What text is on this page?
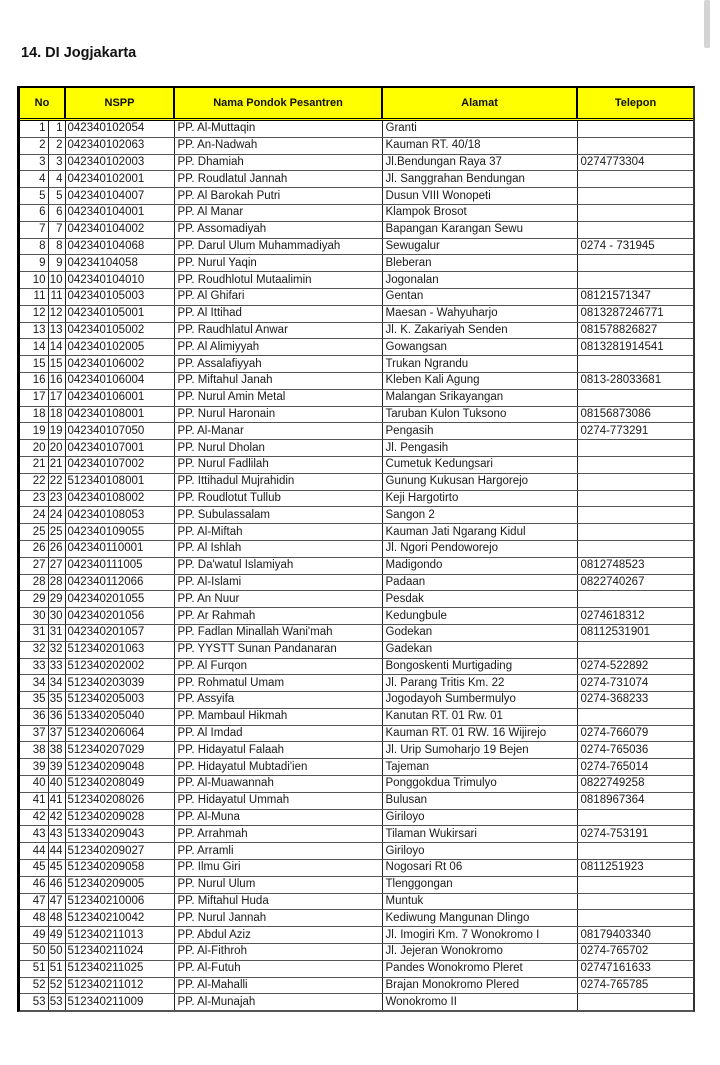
14. DI Jogjakarta
No		NSPP	Nama Pondok Pesantren	Alamat	Telepon
1	1	042340102054	PP. Al-Muttaqin	Granti	
2	2	042340102063	PP. An-Nadwah	Kauman RT. 40/18	
3	3	042340102003	PP. Dhamiah	Jl.Bendungan Raya 37	0274773304
4	4	042340102001	PP. Roudlatul Jannah	Jl. Sanggrahan Bendungan	
5	5	042340104007	PP. Al Barokah Putri	Dusun VIII Wonopeti	
6	6	042340104001	PP. Al Manar	Klampok Brosot	
7	7	042340104002	PP. Assomadiyah	Bapangan Karangan Sewu	
8	8	042340104068	PP. Darul Ulum Muhammadiyah	Sewugalur	0274 - 731945
9	9	04234104058	PP. Nurul Yaqin	Bleberan	
10	10	042340104010	PP. Roudhlotul Mutaalimin	Jogonalan	
11	11	042340105003	PP. Al Ghifari	Gentan	08121571347
12	12	042340105001	PP. Al Ittihad	Maesan - Wahyuharjo	0813287246771
13	13	042340105002	PP. Raudhlatul Anwar	Jl. K. Zakariyah Senden	081578826827
14	14	042340102005	PP. Al Alimiyyah	Gowangsan	0813281914541
15	15	042340106002	PP. Assalafiyyah	Trukan Ngrandu	
16	16	042340106004	PP. Miftahul Janah	Kleben Kali Agung	0813-28033681
17	17	042340106001	PP. Nurul Amin Metal	Malangan Srikayangan	
18	18	042340108001	PP. Nurul Haronain	Taruban Kulon Tuksono	08156873086
19	19	042340107050	PP. Al-Manar	Pengasih	0274-773291
20	20	042340107001	PP. Nurul Dholan	Jl. Pengasih	
21	21	042340107002	PP. Nurul Fadlilah	Cumetuk Kedungsari	
22	22	512340108001	PP. Ittihadul Mujrahidin	Gunung Kukusan Hargorejo	
23	23	042340108002	PP. Roudlotut Tullub	Keji Hargotirto	
24	24	042340108053	PP. Subulassalam	Sangon 2	
25	25	042340109055	PP. Al-Miftah	Kauman Jati Ngarang Kidul	
26	26	042340110001	PP. Al Ishlah	Jl. Ngori Pendoworejo	
27	27	042340111005	PP. Da'watul Islamiyah	Madigondo	0812748523
28	28	042340112066	PP. Al-Islami	Padaan	0822740267
29	29	042340201055	PP. An Nuur	Pesdak	
30	30	042340201056	PP. Ar Rahmah	Kedungbule	0274618312
31	31	042340201057	PP. Fadlan Minallah Wani'mah	Godekan	08112531901
32	32	512340201063	PP. YYSTT Sunan Pandanaran	Gadekan	
33	33	512340202002	PP. Al Furqon	Bongoskenti Murtigading	0274-522892
34	34	512340203039	PP. Rohmatul Umam	Jl. Parang Tritis Km. 22	0274-731074
35	35	512340205003	PP. Assyifa	Jogodayoh Sumbermulyo	0274-368233
36	36	513340205040	PP. Mambaul Hikmah	Kanutan RT. 01 Rw. 01	
37	37	512340206064	PP. Al Imdad	Kauman RT. 01 RW. 16 Wijirejo	0274-766079
38	38	512340207029	PP. Hidayatul Falaah	Jl. Urip Sumoharjo 19 Bejen	0274-765036
39	39	512340209048	PP. Hidayatul Mubtadi'ien	Tajeman	0274-765014
40	40	512340208049	PP. Al-Muawannah	Ponggokdua Trimulyo	0822749258
41	41	512340208026	PP. Hidayatul Ummah	Bulusan	0818967364
42	42	512340209028	PP. Al-Muna	Giriloyo	
43	43	513340209043	PP. Arrahmah	Tilaman Wukirsari	0274-753191
44	44	512340209027	PP. Arramli	Giriloyo	
45	45	512340209058	PP. Ilmu Giri	Nogosari Rt 06	0811251923
46	46	512340209005	PP. Nurul Ulum	Tlenggongan	
47	47	512340210006	PP. Miftahul Huda	Muntuk	
48	48	512340210042	PP. Nurul Jannah	Kediwung Mangunan Dlingo	
49	49	512340211013	PP. Abdul Aziz	Jl. Imogiri Km. 7 Wonokromo I	08179403340
50	50	512340211024	PP. Al-Fithroh	Jl. Jejeran Wonokromo	0274-765702
51	51	512340211025	PP. Al-Futuh	Pandes Wonokromo Pleret	02747161633
52	52	512340211012	PP. Al-Mahalli	Brajan Monokromo Plered	0274-765785
53	53	512340211009	PP. Al-Munajah	Wonokromo II	
